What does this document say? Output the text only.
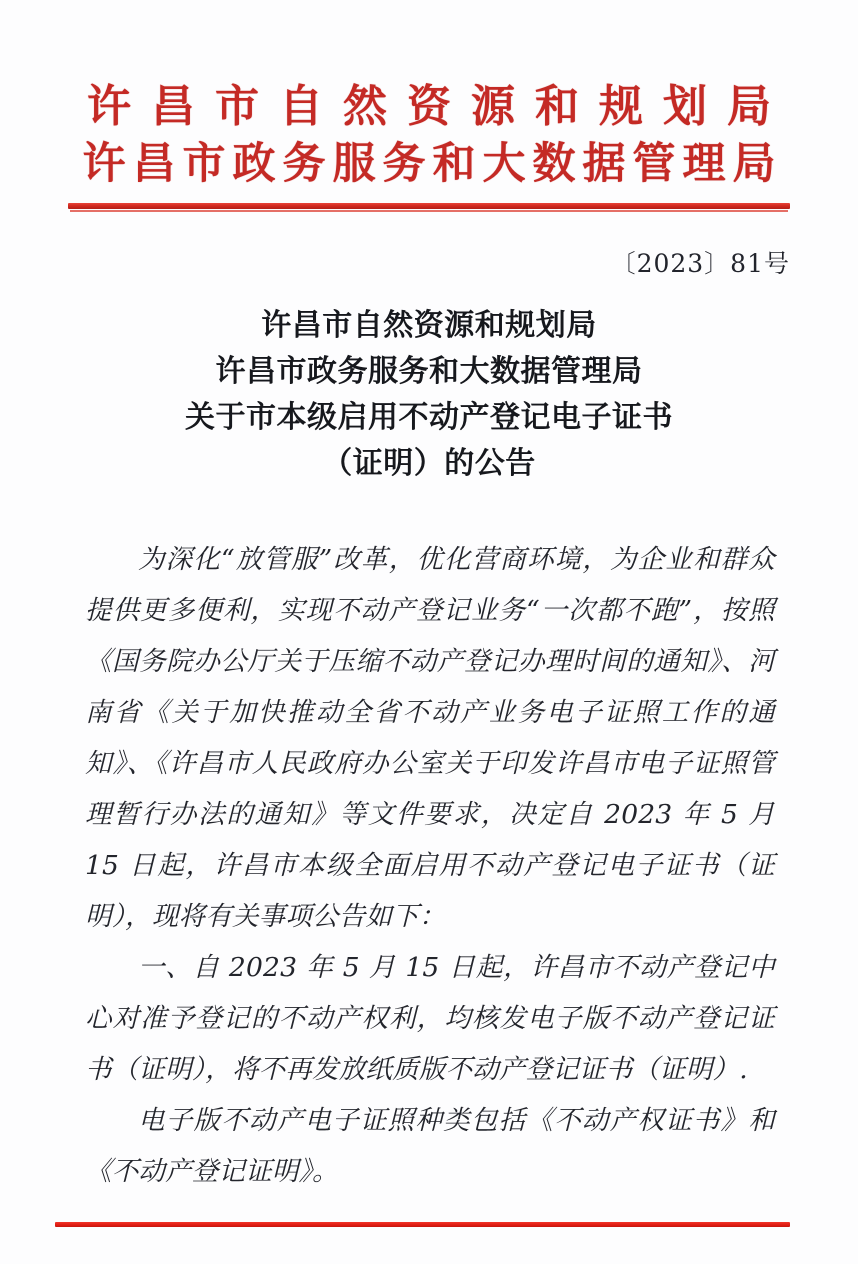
许昌市自然资源和规划局
许昌市政务服务和大数据管理局
〔2023〕81号
许昌市自然资源和规划局
许昌市政务服务和大数据管理局
关于市本级启用不动产登记电子证书
（证明）的公告

为深化“放管服”改革，优化营商环境，为企业和群众提供更多便利，实现不动产登记业务“一次都不跑”，按照《国务院办公厅关于压缩不动产登记办理时间的通知》、河南省《关于加快推动全省不动产业务电子证照工作的通知》、《许昌市人民政府办公室关于印发许昌市电子证照管理暂行办法的通知》等文件要求，决定自 2023 年 5 月 15 日起，许昌市本级全面启用不动产登记电子证书（证明），现将有关事项公告如下：

一、自 2023 年 5 月 15 日起，许昌市不动产登记中心对准予登记的不动产权利，均核发电子版不动产登记证书（证明），将不再发放纸质版不动产登记证书（证明）.

电子版不动产电子证照种类包括《不动产权证书》和《不动产登记证明》。
